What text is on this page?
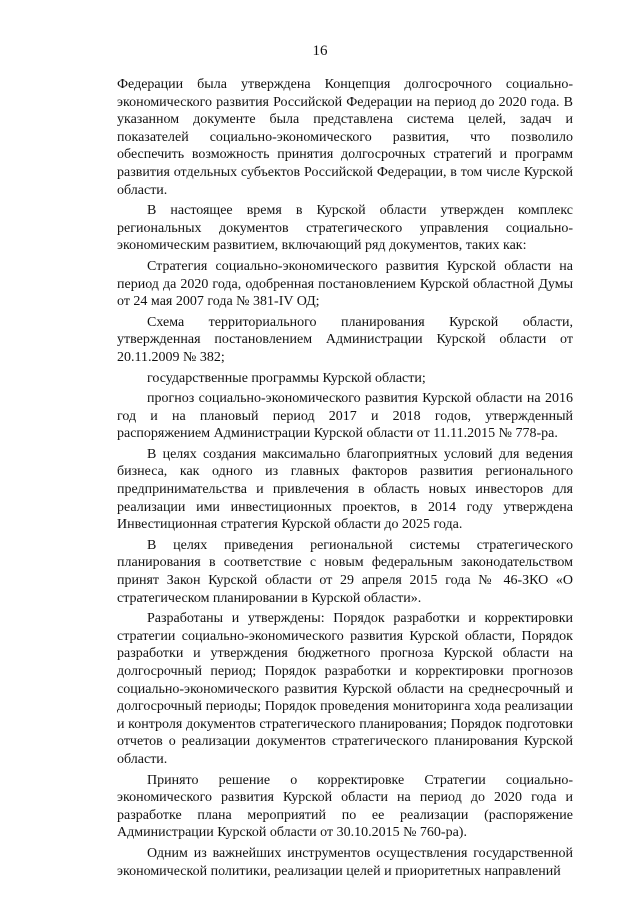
16

Федерации была утверждена Концепция долгосрочного социально-экономического развития Российской Федерации на период до 2020 года. В указанном документе была представлена система целей, задач и показателей социально-экономического развития, что позволило обеспечить возможность принятия долгосрочных стратегий и программ развития отдельных субъектов Российской Федерации, в том числе Курской области.

В настоящее время в Курской области утвержден комплекс региональных документов стратегического управления социально-экономическим развитием, включающий ряд документов, таких как:

Стратегия социально-экономического развития Курской области на период да 2020 года, одобренная постановлением Курской областной Думы от 24 мая 2007 года № 381-IV ОД;

Схема территориального планирования Курской области, утвержденная постановлением Администрации Курской области от 20.11.2009 № 382;

государственные программы Курской области;

прогноз социально-экономического развития Курской области на 2016 год и на плановый период 2017 и 2018 годов, утвержденный распоряжением Администрации Курской области от 11.11.2015 № 778-ра.

В целях создания максимально благоприятных условий для ведения бизнеса, как одного из главных факторов развития регионального предпринимательства и привлечения в область новых инвесторов для реализации ими инвестиционных проектов, в 2014 году утверждена Инвестиционная стратегия Курской области до 2025 года.

В целях приведения региональной системы стратегического планирования в соответствие с новым федеральным законодательством принят Закон Курской области от 29 апреля 2015 года № 46-ЗКО «О стратегическом планировании в Курской области».

Разработаны и утверждены: Порядок разработки и корректировки стратегии социально-экономического развития Курской области, Порядок разработки и утверждения бюджетного прогноза Курской области на долгосрочный период; Порядок разработки и корректировки прогнозов социально-экономического развития Курской области на среднесрочный и долгосрочный периоды; Порядок проведения мониторинга хода реализации и контроля документов стратегического планирования; Порядок подготовки отчетов о реализации документов стратегического планирования Курской области.

Принято решение о корректировке Стратегии социально-экономического развития Курской области на период до 2020 года и разработке плана мероприятий по ее реализации (распоряжение Администрации Курской области от 30.10.2015 № 760-ра).

Одним из важнейших инструментов осуществления государственной экономической политики, реализации целей и приоритетных направлений
